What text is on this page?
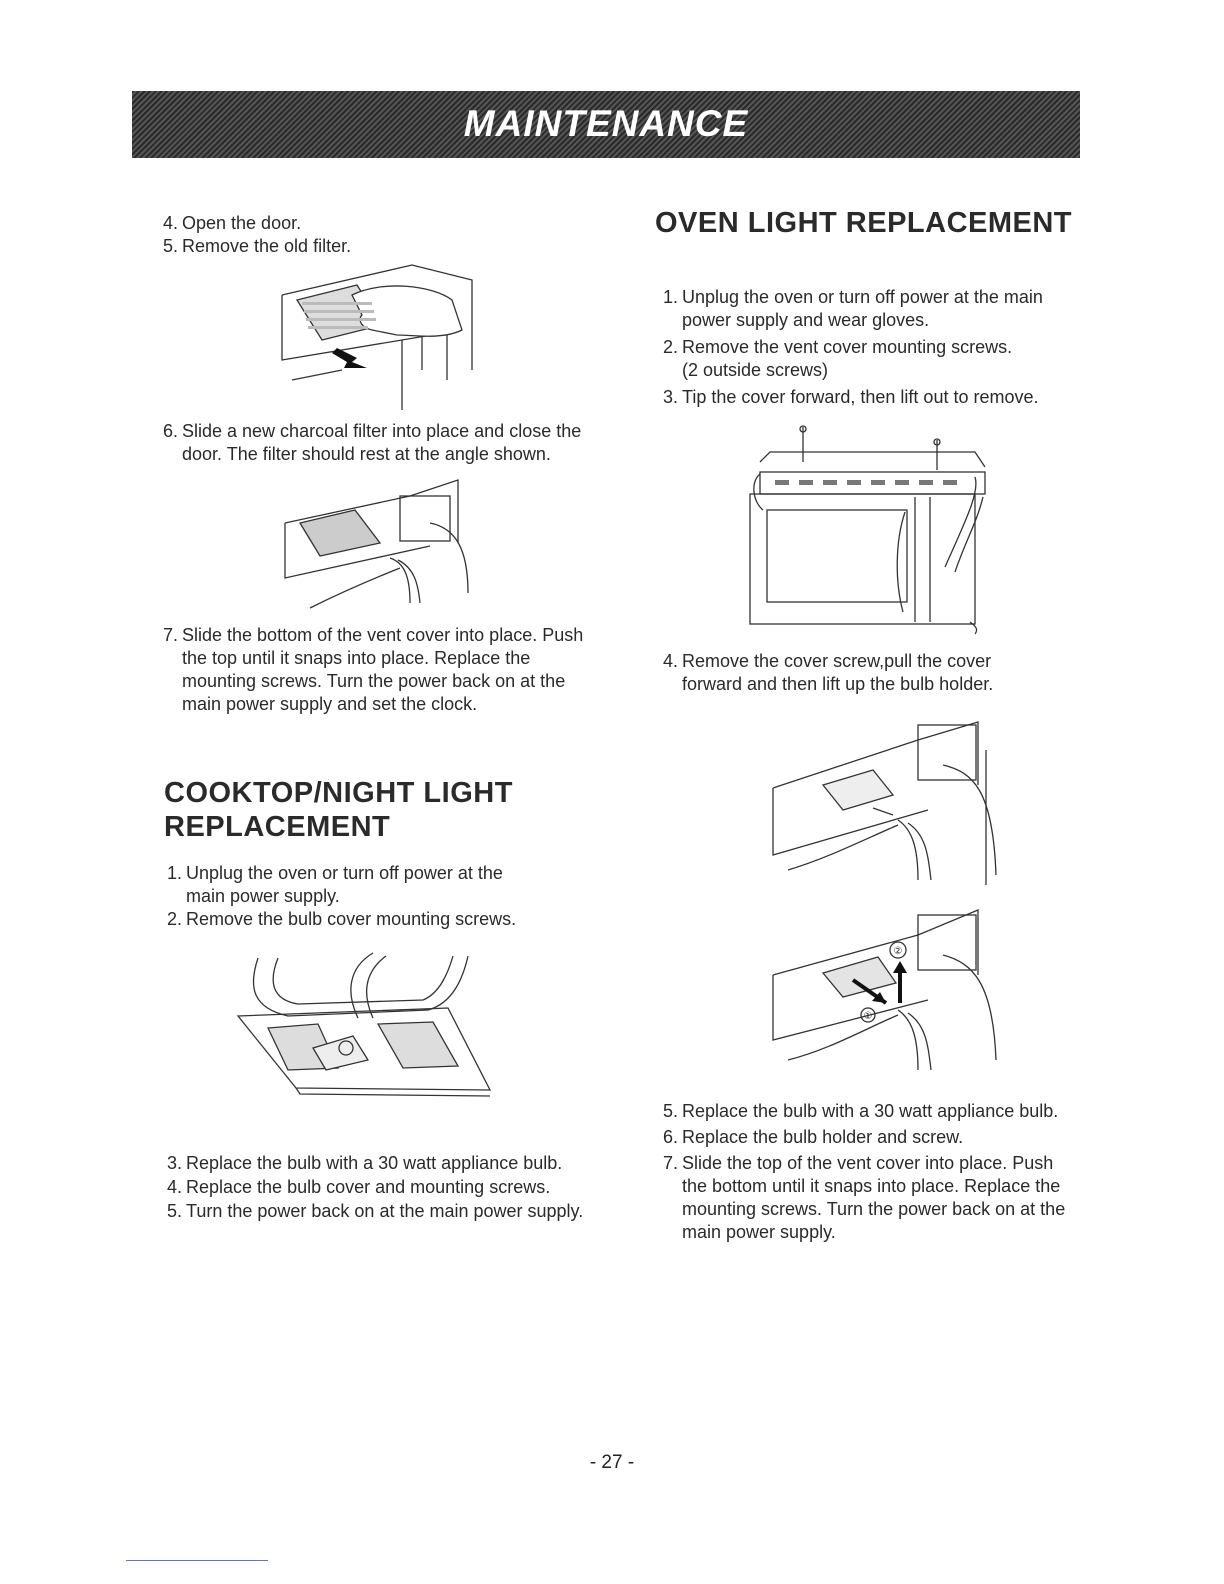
MAINTENANCE

4. Open the door.

5. Remove the old filter.

6. Slide a new charcoal filter into place and close the
door. The filter should rest at the angle shown.

7. Slide the bottom of the vent cover into place. Push
the top until it snaps into place. Replace the
mounting screws. Turn the power back on at the
main power supply and set the clock.

COOKTOP/NIGHT LIGHT
REPLACEMENT

1. Unplug the oven or turn off power at the
main power supply.

2. Remove the bulb cover mounting screws.

3. Replace the bulb with a 30 watt appliance bulb.

4. Replace the bulb cover and mounting screws.

5. Turn the power back on at the main power supply.

OVEN LIGHT REPLACEMENT

1. Unplug the oven or turn off power at the main
power supply and wear gloves.

2. Remove the vent cover mounting screws.
(2 outside screws)

3. Tip the cover forward, then lift out to remove.

4. Remove the cover screw,pull the cover
forward and then lift up the bulb holder.

②
①

5. Replace the bulb with a 30 watt appliance bulb.

6. Replace the bulb holder and screw.

7. Slide the top of the vent cover into place. Push
the bottom until it snaps into place. Replace the
mounting screws. Turn the power back on at the
main power supply.

- 27 -
